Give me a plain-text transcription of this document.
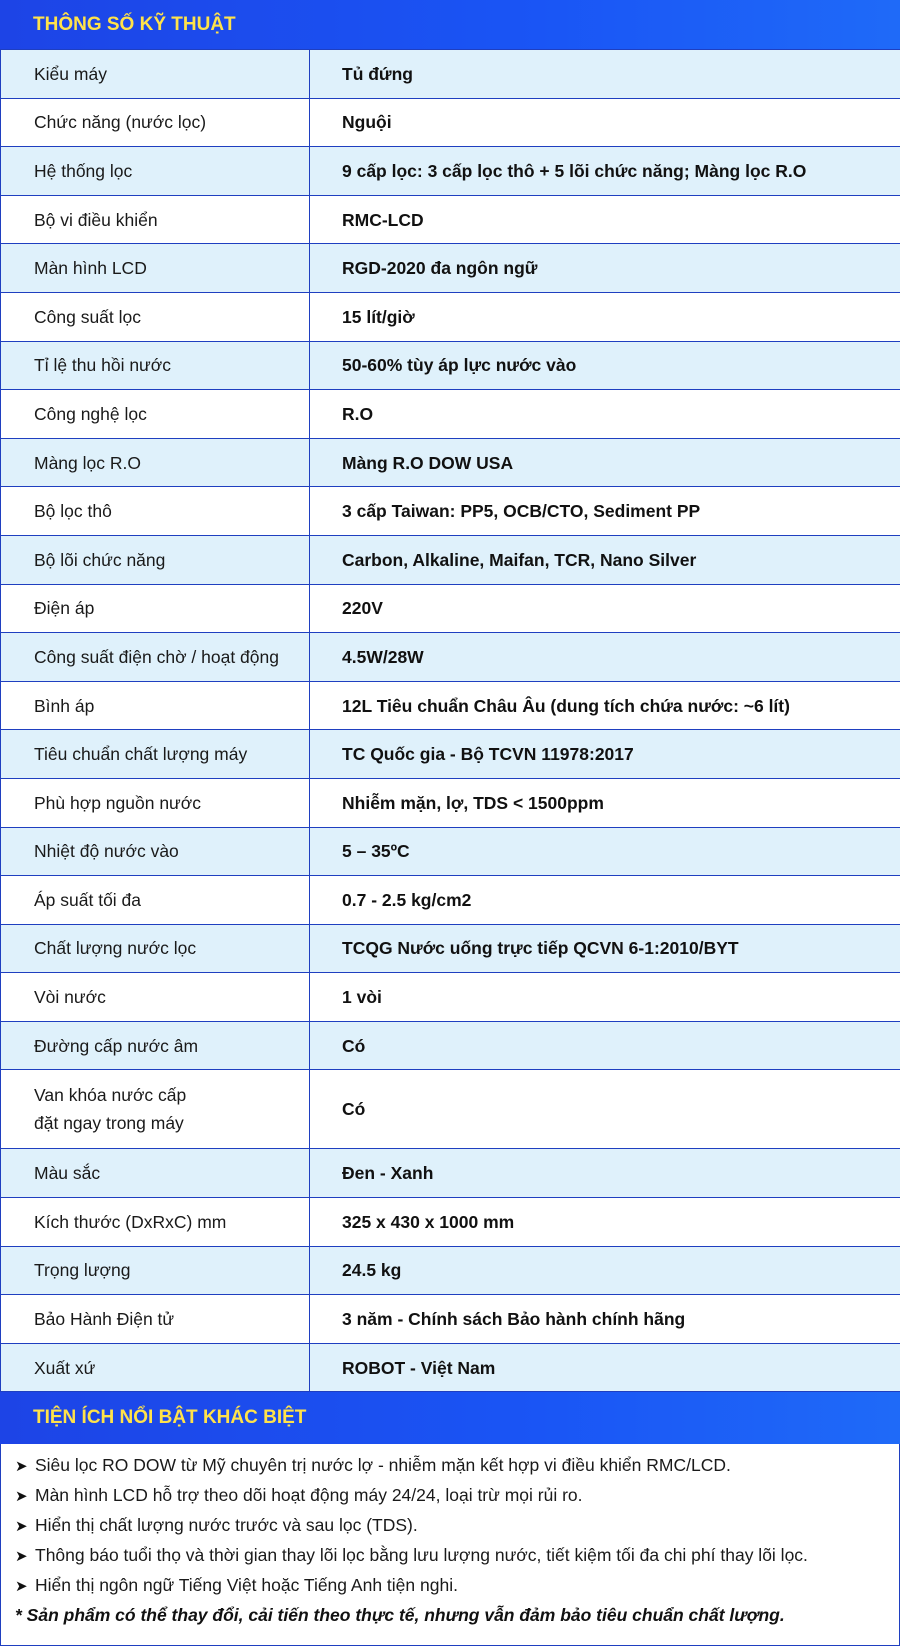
THÔNG SỐ KỸ THUẬT
Kiểu máy	Tủ đứng
Chức năng (nước lọc)	Nguội
Hệ thống lọc	9 cấp lọc: 3 cấp lọc thô + 5 lõi chức năng; Màng lọc R.O
Bộ vi điều khiển	RMC-LCD
Màn hình LCD	RGD-2020 đa ngôn ngữ
Công suất lọc	15 lít/giờ
Tỉ lệ thu hồi nước	50-60% tùy áp lực nước vào
Công nghệ lọc	R.O
Màng lọc R.O	Màng R.O DOW USA
Bộ lọc thô	3 cấp Taiwan: PP5, OCB/CTO, Sediment PP
Bộ lõi chức năng	Carbon, Alkaline, Maifan, TCR, Nano Silver
Điện áp	220V
Công suất điện chờ / hoạt động	4.5W/28W
Bình áp	12L Tiêu chuẩn Châu Âu (dung tích chứa nước: ~6 lít)
Tiêu chuẩn chất lượng máy	TC Quốc gia - Bộ TCVN 11978:2017
Phù hợp nguồn nước	Nhiễm mặn, lợ, TDS < 1500ppm
Nhiệt độ nước vào	5 – 35ºC
Áp suất tối đa	0.7 - 2.5 kg/cm2
Chất lượng nước lọc	TCQG Nước uống trực tiếp QCVN 6-1:2010/BYT
Vòi nước	1 vòi
Đường cấp nước âm	Có

Van khóa nước cấp
đặt ngay trong máy	Có
Màu sắc	Đen - Xanh
Kích thước (DxRxC) mm	325 x 430 x 1000 mm
Trọng lượng	24.5 kg
Bảo Hành Điện tử	3 năm - Chính sách Bảo hành chính hãng
Xuất xứ	ROBOT - Việt Nam
TIỆN ÍCH NỔI BẬT KHÁC BIỆT
➤ Siêu lọc RO DOW từ Mỹ chuyên trị nước lợ - nhiễm mặn kết hợp vi điều khiển RMC/LCD.
➤ Màn hình LCD hỗ trợ theo dõi hoạt động máy 24/24, loại trừ mọi rủi ro.
➤ Hiển thị chất lượng nước trước và sau lọc (TDS).
➤ Thông báo tuổi thọ và thời gian thay lõi lọc bằng lưu lượng nước, tiết kiệm tối đa chi phí thay lõi lọc.
➤ Hiển thị ngôn ngữ Tiếng Việt hoặc Tiếng Anh tiện nghi.
* Sản phẩm có thể thay đổi, cải tiến theo thực tế, nhưng vẫn đảm bảo tiêu chuẩn chất lượng.
